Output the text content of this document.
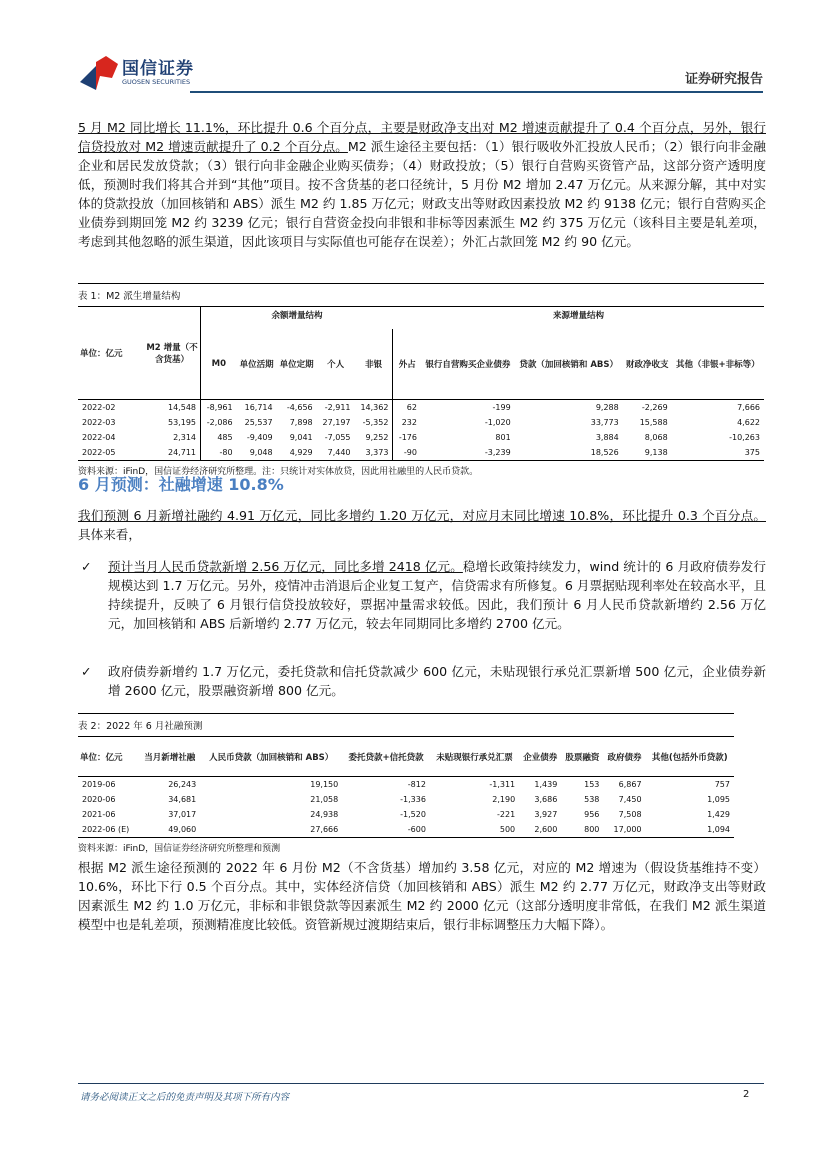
国信证券
GUOSEN SECURITIES	证券研究报告
5 月 M2 同比增长 11.1%，环比提升 0.6 个百分点，主要是财政净支出对 M2 增速贡献提升了 0.4 个百分点，另外，银行信贷投放对 M2 增速贡献提升了 0.2 个百分点。M2 派生途径主要包括：（1）银行吸收外汇投放人民币；（2）银行向非金融企业和居民发放贷款；（3）银行向非金融企业购买债券；（4）财政投放；（5）银行自营购买资管产品，这部分资产透明度低，预测时我们将其合并到“其他”项目。按不含货基的老口径统计，5 月份 M2 增加 2.47 万亿元。从来源分解，其中对实体的贷款投放（加回核销和 ABS）派生 M2 约 1.85 万亿元；财政支出等财政因素投放 M2 约 9138 亿元；银行自营购买企业债券到期回笼 M2 约 3239 亿元；银行自营资金投向非银和非标等因素派生 M2 约 375 万亿元（该科目主要是轧差项，考虑到其他忽略的派生渠道，因此该项目与实际值也可能存在误差）；外汇占款回笼 M2 约 90 亿元。
表 1：M2 派生增量结构
单位：亿元	M2 增量（不含货基）	余额增量结构					来源增量结构				
		M0	单位活期	单位定期	个人	非银	外占	银行自营购买企业债券	贷款（加回核销和 ABS）	财政净收支	其他（非银+非标等）
2022-02	14,548	-8,961	16,714	-4,656	-2,911	14,362	62	-199	9,288	-2,269	7,666
2022-03	53,195	-2,086	25,537	7,898	27,197	-5,352	232	-1,020	33,773	15,588	4,622
2022-04	2,314	485	-9,409	9,041	-7,055	9,252	-176	801	3,884	8,068	-10,263
2022-05	24,711	-80	9,048	4,929	7,440	3,373	-90	-3,239	18,526	9,138	375
资料来源：iFinD，国信证券经济研究所整理。注：只统计对实体放贷，因此用社融里的人民币贷款。
6 月预测：社融增速 10.8%
我们预测 6 月新增社融约 4.91 万亿元，同比多增约 1.20 万亿元，对应月末同比增速 10.8%，环比提升 0.3 个百分点。具体来看，
✓ 预计当月人民币贷款新增 2.56 万亿元，同比多增 2418 亿元。稳增长政策持续发力，wind 统计的 6 月政府债券发行规模达到 1.7 万亿元。另外，疫情冲击消退后企业复工复产，信贷需求有所修复。6 月票据贴现利率处在较高水平，且持续提升，反映了 6 月银行信贷投放较好，票据冲量需求较低。因此，我们预计 6 月人民币贷款新增约 2.56 万亿元，加回核销和 ABS 后新增约 2.77 万亿元，较去年同期同比多增约 2700 亿元。
✓ 政府债券新增约 1.7 万亿元，委托贷款和信托贷款减少 600 亿元，未贴现银行承兑汇票新增 500 亿元，企业债券新增 2600 亿元，股票融资新增 800 亿元。
表 2：2022 年 6 月社融预测
单位：亿元	当月新增社融	人民币贷款（加回核销和 ABS）	委托贷款+信托贷款	未贴现银行承兑汇票	企业债券	股票融资	政府债券	其他(包括外币贷款)
2019-06	26,243	19,150	-812	-1,311	1,439	153	6,867	757
2020-06	34,681	21,058	-1,336	2,190	3,686	538	7,450	1,095
2021-06	37,017	24,938	-1,520	-221	3,927	956	7,508	1,429
2022-06 (E)	49,060	27,666	-600	500	2,600	800	17,000	1,094
资料来源：iFinD，国信证券经济研究所整理和预测
根据 M2 派生途径预测的 2022 年 6 月份 M2（不含货基）增加约 3.58 亿元，对应的 M2 增速为（假设货基维持不变）10.6%，环比下行 0.5 个百分点。其中，实体经济信贷（加回核销和 ABS）派生 M2 约 2.77 万亿元，财政净支出等财政因素派生 M2 约 1.0 万亿元，非标和非银贷款等因素派生 M2 约 2000 亿元（这部分透明度非常低，在我们 M2 派生渠道模型中也是轧差项，预测精准度比较低。资管新规过渡期结束后，银行非标调整压力大幅下降）。
请务必阅读正文之后的免责声明及其项下所有内容	2
